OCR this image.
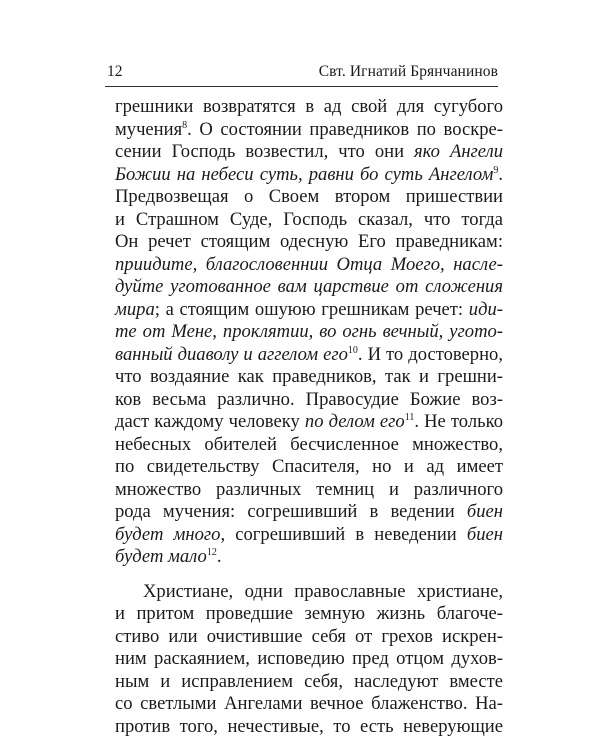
12	Свт. Игнатий Брянчанинов
грешники возвратятся в ад свой для сугубого
мучения$^8$. О состоянии праведников по воскре-
сении Господь возвестил, что они яко Ангели
Божии на небеси суть, равни бо суть Ангелом$^9$.
Предвозвещая о Своем втором пришествии
и Страшном Суде, Господь сказал, что тогда
Он речет стоящим одесную Его праведникам:
приидите, благословеннии Отца Моего, насле-
дуйте уготованное вам царствие от сложения
мира; а стоящим ошуюю грешникам речет: иди-
те от Мене, проклятии, во огнь вечный, угото-
ванный диаволу и аггелом его$^{10}$. И то достоверно,
что воздаяние как праведников, так и грешни-
ков весьма различно. Правосудие Божие воз-
даст каждому человеку по делом его$^{11}$. Не только
небесных обителей бесчисленное множество,
по свидетельству Спасителя, но и ад имеет
множество различных темниц и различного
рода мучения: согрешивший в ведении биен
будет много, согрешивший в неведении биен
будет мало$^{12}$.
Христиане, одни православные христиане,
и притом проведшие земную жизнь благоче-
стиво или очистившие себя от грехов искрен-
ним раскаянием, исповедию пред отцом духов-
ным и исправлением себя, наследуют вместе
со светлыми Ангелами вечное блаженство. На-
против того, нечестивые, то есть неверующие
